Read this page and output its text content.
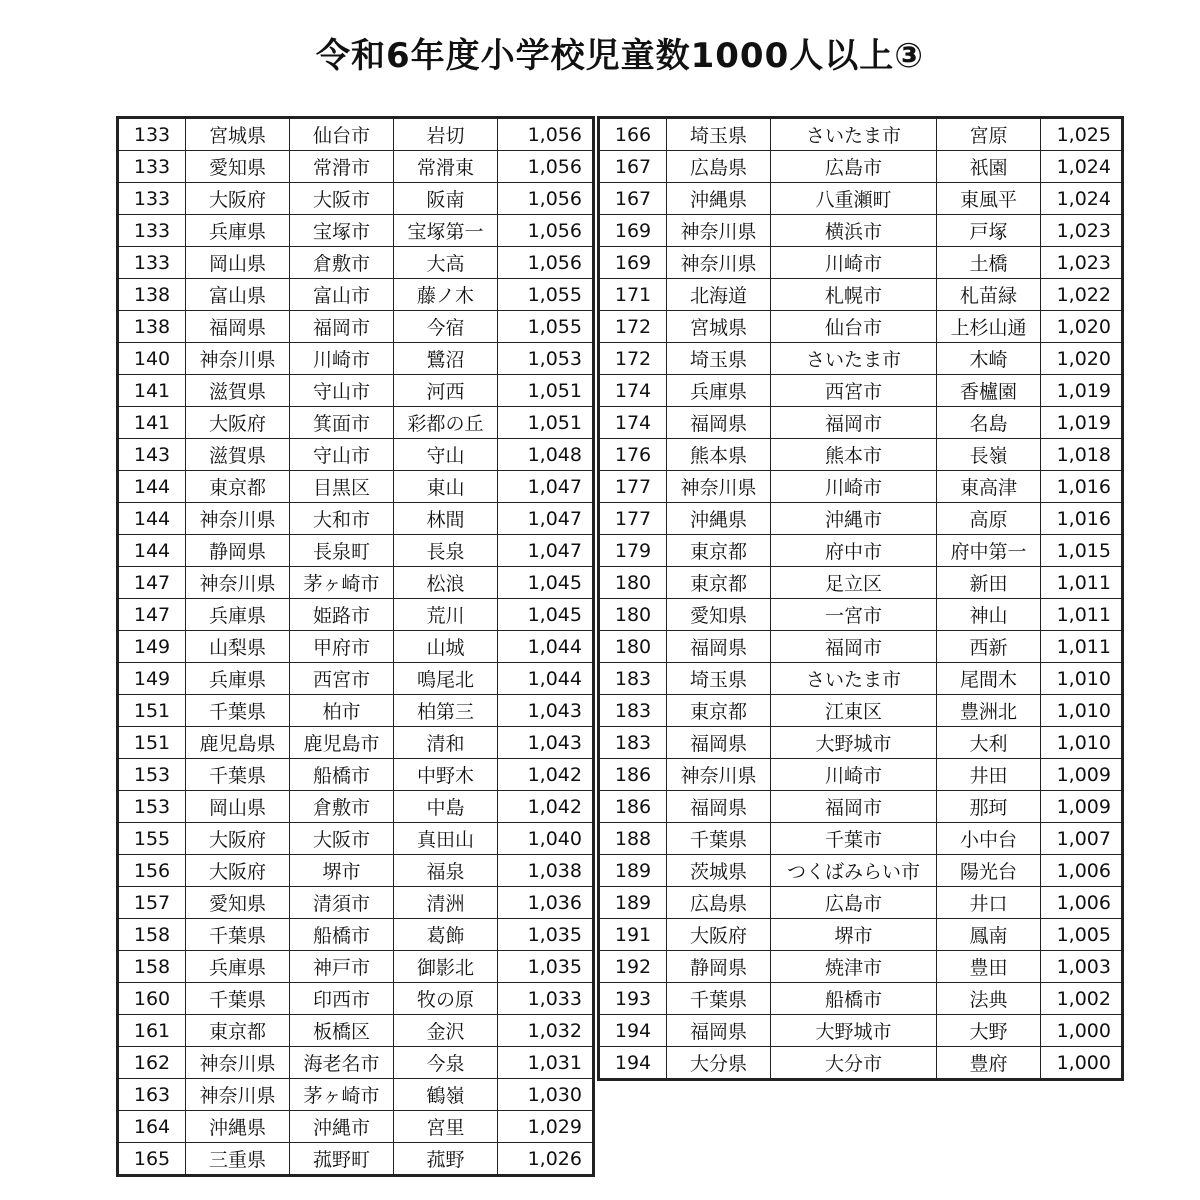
令和6年度小学校児童数1000人以上③
133	宮城県	仙台市	岩切	1,056
133	愛知県	常滑市	常滑東	1,056
133	大阪府	大阪市	阪南	1,056
133	兵庫県	宝塚市	宝塚第一	1,056
133	岡山県	倉敷市	大高	1,056
138	富山県	富山市	藤ノ木	1,055
138	福岡県	福岡市	今宿	1,055
140	神奈川県	川崎市	鷺沼	1,053
141	滋賀県	守山市	河西	1,051
141	大阪府	箕面市	彩都の丘	1,051
143	滋賀県	守山市	守山	1,048
144	東京都	目黒区	東山	1,047
144	神奈川県	大和市	林間	1,047
144	静岡県	長泉町	長泉	1,047
147	神奈川県	茅ヶ崎市	松浪	1,045
147	兵庫県	姫路市	荒川	1,045
149	山梨県	甲府市	山城	1,044
149	兵庫県	西宮市	鳴尾北	1,044
151	千葉県	柏市	柏第三	1,043
151	鹿児島県	鹿児島市	清和	1,043
153	千葉県	船橋市	中野木	1,042
153	岡山県	倉敷市	中島	1,042
155	大阪府	大阪市	真田山	1,040
156	大阪府	堺市	福泉	1,038
157	愛知県	清須市	清洲	1,036
158	千葉県	船橋市	葛飾	1,035
158	兵庫県	神戸市	御影北	1,035
160	千葉県	印西市	牧の原	1,033
161	東京都	板橋区	金沢	1,032
162	神奈川県	海老名市	今泉	1,031
163	神奈川県	茅ヶ崎市	鶴嶺	1,030
164	沖縄県	沖縄市	宮里	1,029
165	三重県	菰野町	菰野	1,026
166	埼玉県	さいたま市	宮原	1,025
167	広島県	広島市	祇園	1,024
167	沖縄県	八重瀬町	東風平	1,024
169	神奈川県	横浜市	戸塚	1,023
169	神奈川県	川崎市	土橋	1,023
171	北海道	札幌市	札苗緑	1,022
172	宮城県	仙台市	上杉山通	1,020
172	埼玉県	さいたま市	木崎	1,020
174	兵庫県	西宮市	香櫨園	1,019
174	福岡県	福岡市	名島	1,019
176	熊本県	熊本市	長嶺	1,018
177	神奈川県	川崎市	東高津	1,016
177	沖縄県	沖縄市	高原	1,016
179	東京都	府中市	府中第一	1,015
180	東京都	足立区	新田	1,011
180	愛知県	一宮市	神山	1,011
180	福岡県	福岡市	西新	1,011
183	埼玉県	さいたま市	尾間木	1,010
183	東京都	江東区	豊洲北	1,010
183	福岡県	大野城市	大利	1,010
186	神奈川県	川崎市	井田	1,009
186	福岡県	福岡市	那珂	1,009
188	千葉県	千葉市	小中台	1,007
189	茨城県	つくばみらい市	陽光台	1,006
189	広島県	広島市	井口	1,006
191	大阪府	堺市	鳳南	1,005
192	静岡県	焼津市	豊田	1,003
193	千葉県	船橋市	法典	1,002
194	福岡県	大野城市	大野	1,000
194	大分県	大分市	豊府	1,000
